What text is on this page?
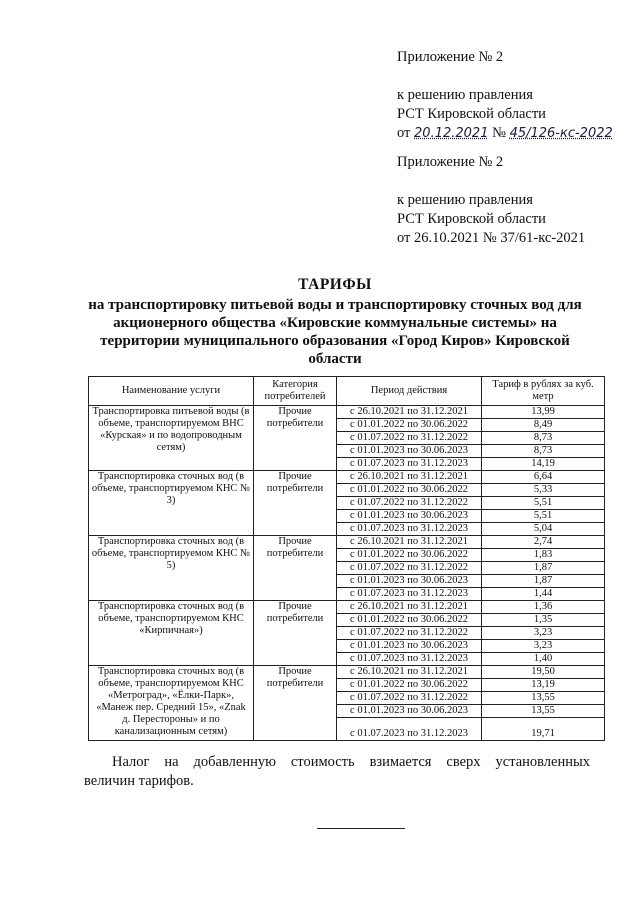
Приложение № 2
к решению правления
РСТ Кировской области
от 20.12.2021 № 45/126-кс-2022
Приложение № 2
к решению правления
РСТ Кировской области
от 26.10.2021 № 37/61-кс-2021
ТАРИФЫ
на транспортировку питьевой воды и транспортировку сточных вод для
акционерного общества «Кировские коммунальные системы» на
территории муниципального образования «Город Киров» Кировской
области
Наименование услуги	Категория потребителей	Период действия	Тариф в рублях за куб. метр
Транспортировка питьевой воды (в объеме, транспортируемом ВНС «Курская» и по водопроводным сетям)	Прочие потребители	с 26.10.2021 по 31.12.2021	13,99
		с 01.01.2022 по 30.06.2022	8,49
		с 01.07.2022 по 31.12.2022	8,73
		с 01.01.2023 по 30.06.2023	8,73
		с 01.07.2023 по 31.12.2023	14,19
Транспортировка сточных вод (в объеме, транспортируемом КНС № 3)	Прочие потребители	с 26.10.2021 по 31.12.2021	6,64
		с 01.01.2022 по 30.06.2022	5,33
		с 01.07.2022 по 31.12.2022	5,51
		с 01.01.2023 по 30.06.2023	5,51
		с 01.07.2023 по 31.12.2023	5,04
Транспортировка сточных вод (в объеме, транспортируемом КНС № 5)	Прочие потребители	с 26.10.2021 по 31.12.2021	2,74
		с 01.01.2022 по 30.06.2022	1,83
		с 01.07.2022 по 31.12.2022	1,87
		с 01.01.2023 по 30.06.2023	1,87
		с 01.07.2023 по 31.12.2023	1,44
Транспортировка сточных вод (в объеме, транспортируемом КНС «Кирпичная»)	Прочие потребители	с 26.10.2021 по 31.12.2021	1,36
		с 01.01.2022 по 30.06.2022	1,35
		с 01.07.2022 по 31.12.2022	3,23
		с 01.01.2023 по 30.06.2023	3,23
		с 01.07.2023 по 31.12.2023	1,40
Транспортировка сточных вод (в объеме, транспортируемом КНС «Метроград», «Ёлки-Парк», «Манеж пер. Средний 15», «Znak д. Перестороны» и по канализационным сетям)	Прочие потребители	с 26.10.2021 по 31.12.2021	19,50
		с 01.01.2022 по 30.06.2022	13,19
		с 01.07.2022 по 31.12.2022	13,55
		с 01.01.2023 по 30.06.2023	13,55
		с 01.07.2023 по 31.12.2023	19,71
Налог на добавленную стоимость взимается сверх установленных
величин тарифов.
